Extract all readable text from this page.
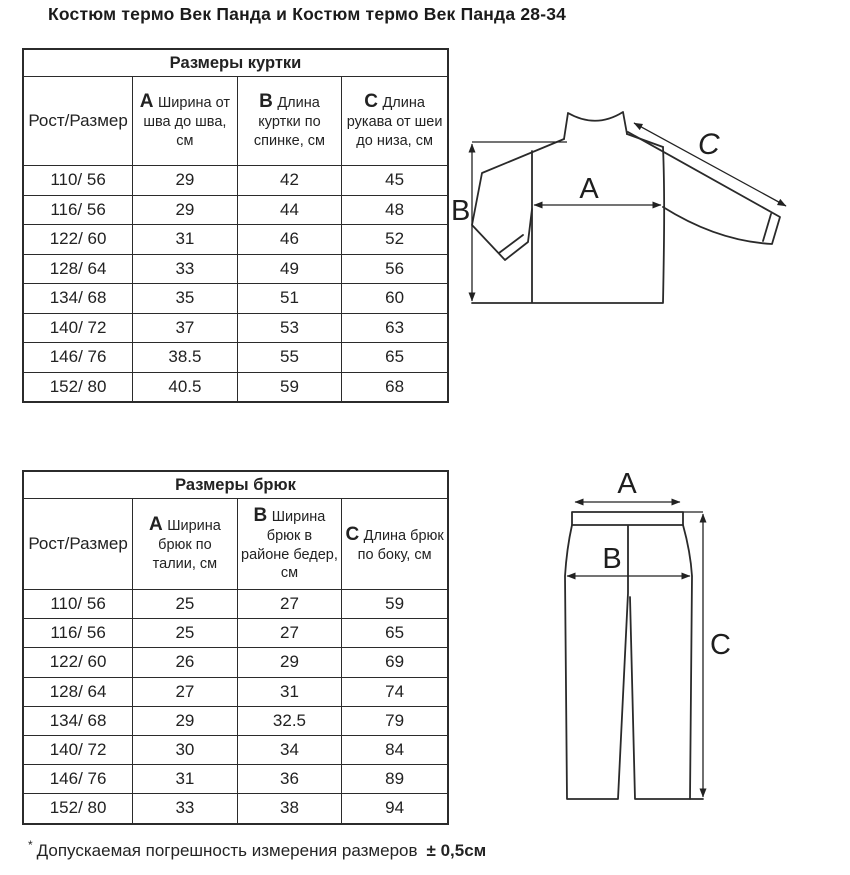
Костюм термо Век Панда и Костюм термо Век Панда 28-34
Размеры куртки			
Рост/Размер	A Ширина от шва до шва, см	B Длина куртки по спинке, см	C Длина рукава от шеи до низа, см
110/ 56	29	42	45
116/ 56	29	44	48
122/ 60	31	46	52
128/ 64	33	49	56
134/ 68	35	51	60
140/ 72	37	53	63
146/ 76	38.5	55	65
152/ 80	40.5	59	68
Размеры брюк			
Рост/Размер	A Ширина брюк по талии, см	B Ширина брюк в районе бедер, см	C Длина брюк по боку, см
110/ 56	25	27	59
116/ 56	25	27	65
122/ 60	26	29	69
128/ 64	27	31	74
134/ 68	29	32.5	79
140/ 72	30	34	84
146/ 76	31	36	89
152/ 80	33	38	94
A
B
C
A
B
C
* Допускаемая погрешность измерения размеров ± 0,5см
